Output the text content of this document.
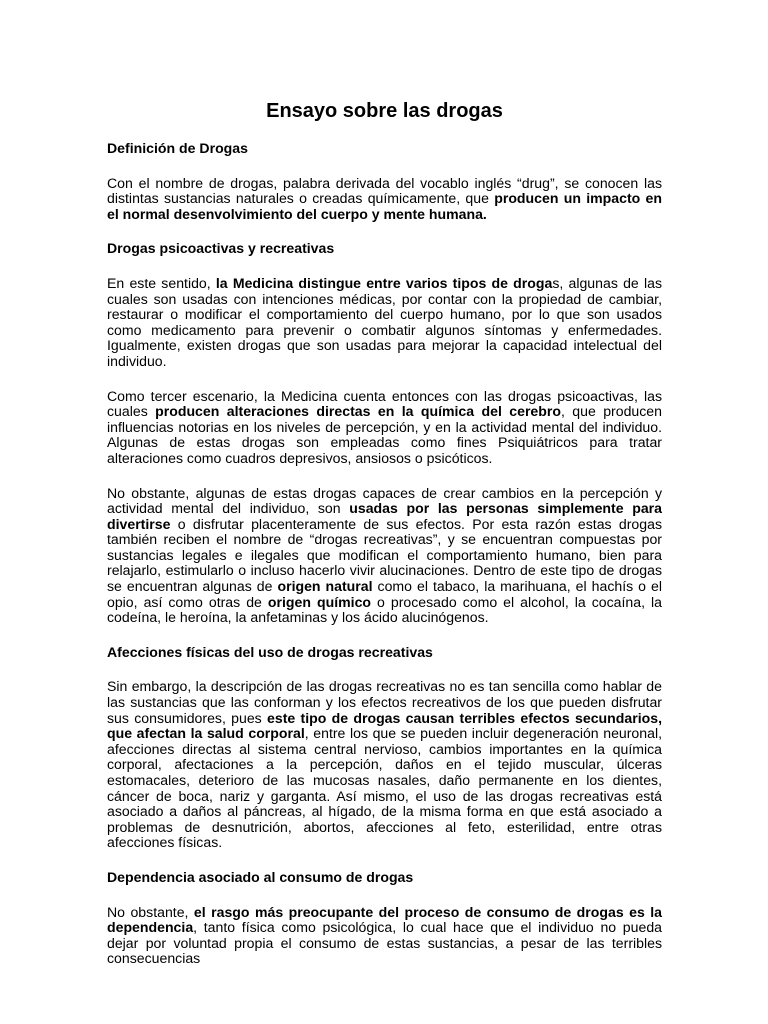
Ensayo sobre las drogas
Definición de Drogas

Con el nombre de drogas, palabra derivada del vocablo inglés “drug”, se conocen las distintas sustancias naturales o creadas químicamente, que producen un impacto en el normal desenvolvimiento del cuerpo y mente humana.

Drogas psicoactivas y recreativas

En este sentido, la Medicina distingue entre varios tipos de drogas, algunas de las cuales son usadas con intenciones médicas, por contar con la propiedad de cambiar, restaurar o modificar el comportamiento del cuerpo humano, por lo que son usados como medicamento para prevenir o combatir algunos síntomas y enfermedades. Igualmente, existen drogas que son usadas para mejorar la capacidad intelectual del individuo.

Como tercer escenario, la Medicina cuenta entonces con las drogas psicoactivas, las cuales producen alteraciones directas en la química del cerebro, que producen influencias notorias en los niveles de percepción, y en la actividad mental del individuo. Algunas de estas drogas son empleadas como fines Psiquiátricos para tratar alteraciones como cuadros depresivos, ansiosos o psicóticos.

No obstante, algunas de estas drogas capaces de crear cambios en la percepción y actividad mental del individuo, son usadas por las personas simplemente para divertirse o disfrutar placenteramente de sus efectos. Por esta razón estas drogas también reciben el nombre de “drogas recreativas”, y se encuentran compuestas por sustancias legales e ilegales que modifican el comportamiento humano, bien para relajarlo, estimularlo o incluso hacerlo vivir alucinaciones. Dentro de este tipo de drogas se encuentran algunas de origen natural como el tabaco, la marihuana, el hachís o el opio, así como otras de origen químico o procesado como el alcohol, la cocaína, la codeína, le heroína, la anfetaminas y los ácido alucinógenos.

Afecciones físicas del uso de drogas recreativas

Sin embargo, la descripción de las drogas recreativas no es tan sencilla como hablar de las sustancias que las conforman y los efectos recreativos de los que pueden disfrutar sus consumidores, pues este tipo de drogas causan terribles efectos secundarios, que afectan la salud corporal, entre los que se pueden incluir degeneración neuronal, afecciones directas al sistema central nervioso, cambios importantes en la química corporal, afectaciones a la percepción, daños en el tejido muscular, úlceras estomacales, deterioro de las mucosas nasales, daño permanente en los dientes, cáncer de boca, nariz y garganta. Así mismo, el uso de las drogas recreativas está asociado a daños al páncreas, al hígado, de la misma forma en que está asociado a problemas de desnutrición, abortos, afecciones al feto, esterilidad, entre otras afecciones físicas.

Dependencia asociado al consumo de drogas

No obstante, el rasgo más preocupante del proceso de consumo de drogas es la dependencia, tanto física como psicológica, lo cual hace que el individuo no pueda dejar por voluntad propia el consumo de estas sustancias, a pesar de las terribles consecuencias
